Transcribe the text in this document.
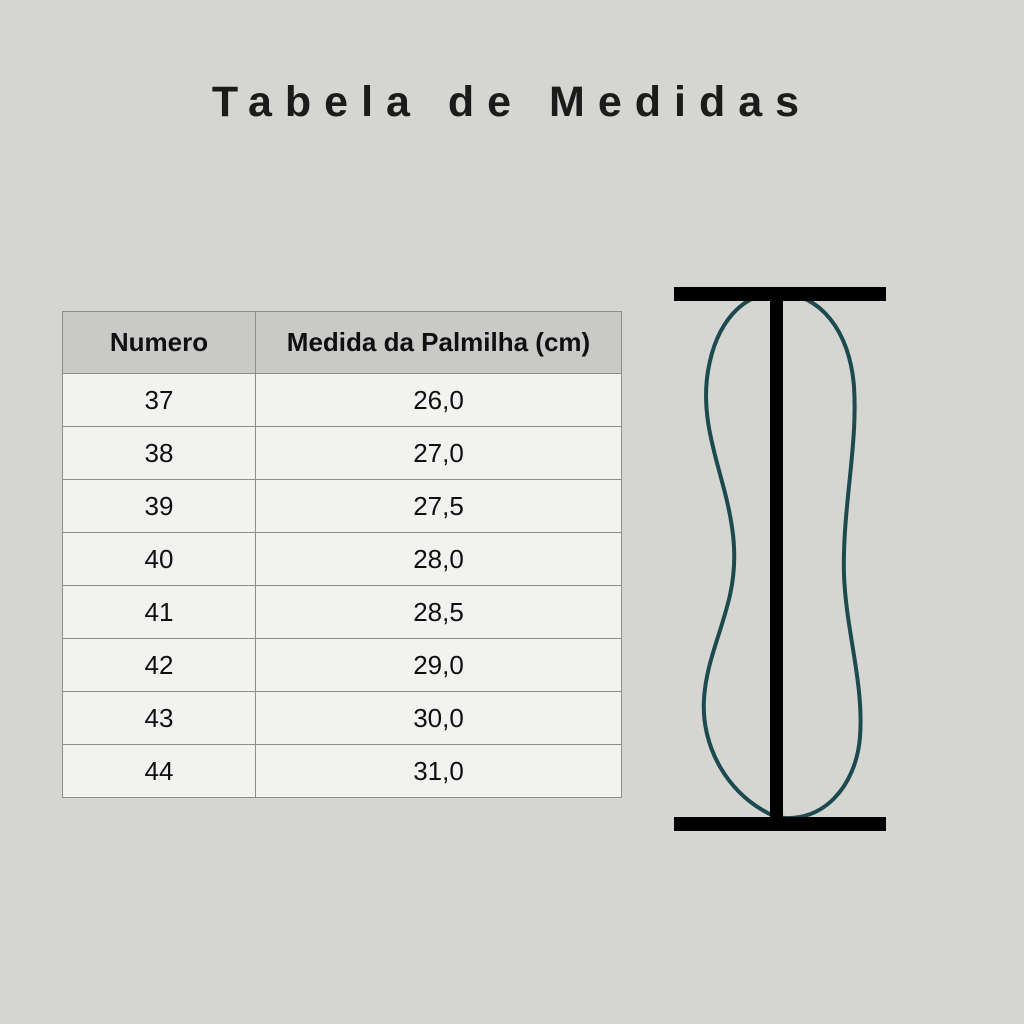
Tabela de Medidas
Numero	Medida da Palmilha (cm)
37	26,0
38	27,0
39	27,5
40	28,0
41	28,5
42	29,0
43	30,0
44	31,0
